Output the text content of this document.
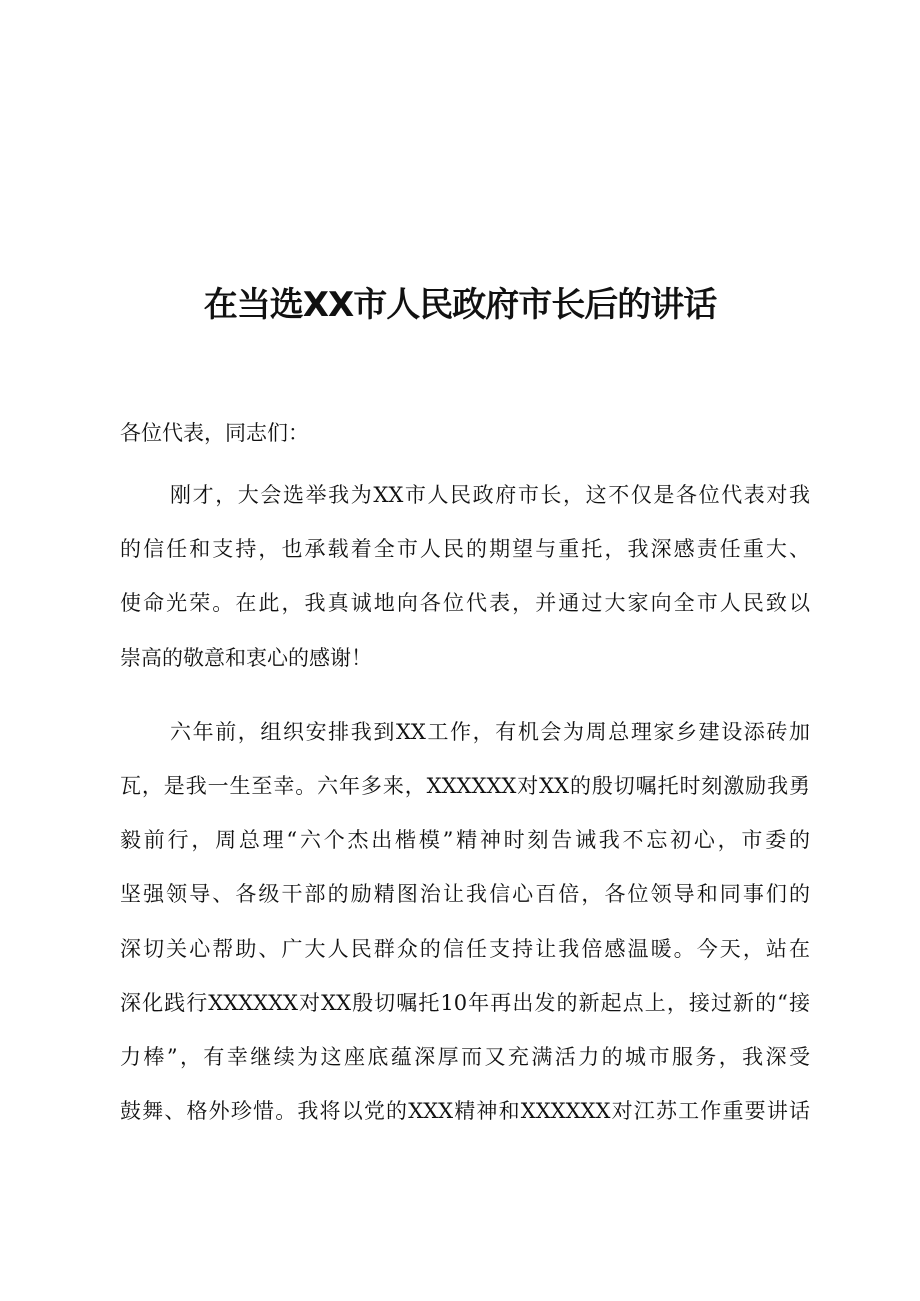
在当选XX市人民政府市长后的讲话

各位代表，同志们：

刚才，大会选举我为XX市人民政府市长，这不仅是各位代表对我
的信任和支持，也承载着全市人民的期望与重托，我深感责任重大、
使命光荣。在此，我真诚地向各位代表，并通过大家向全市人民致以
崇高的敬意和衷心的感谢！

六年前，组织安排我到XX工作，有机会为周总理家乡建设添砖加
瓦，是我一生至幸。六年多来，XXXXXX对XX的殷切嘱托时刻激励我勇
毅前行，周总理“六个杰出楷模”精神时刻告诫我不忘初心，市委的
坚强领导、各级干部的励精图治让我信心百倍，各位领导和同事们的
深切关心帮助、广大人民群众的信任支持让我倍感温暖。今天，站在
深化践行XXXXXX对XX殷切嘱托10年再出发的新起点上，接过新的“接
力棒”，有幸继续为这座底蕴深厚而又充满活力的城市服务，我深受
鼓舞、格外珍惜。我将以党的XXX精神和XXXXXX对江苏工作重要讲话
